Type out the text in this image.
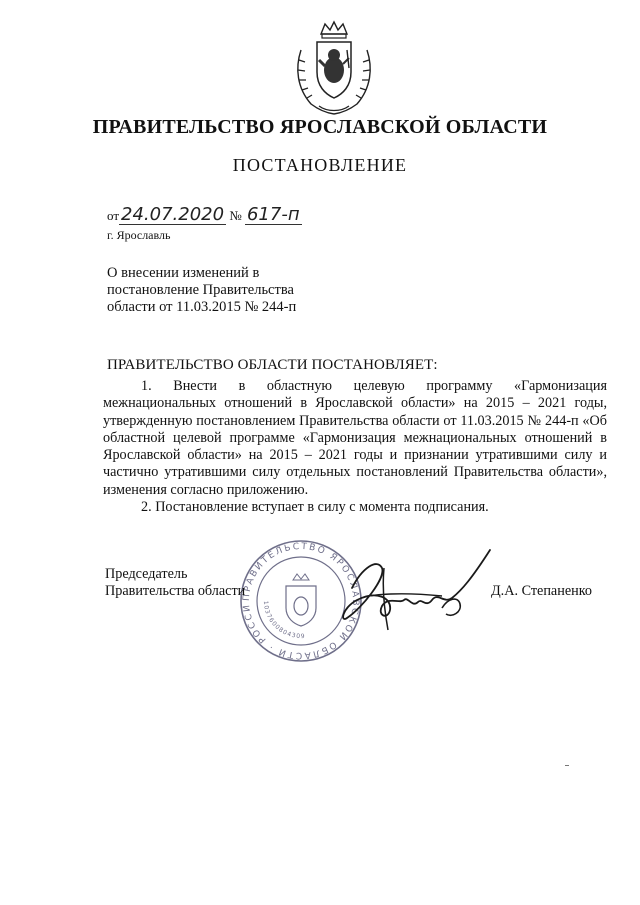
ПРАВИТЕЛЬСТВО ЯРОСЛАВСКОЙ ОБЛАСТИ
ПОСТАНОВЛЕНИЕ
от 24.07.2020 № 617-п
г. Ярославль
О внесении изменений в
постановление Правительства
области от 11.03.2015 № 244-п
ПРАВИТЕЛЬСТВО ОБЛАСТИ ПОСТАНОВЛЯЕТ:

1. Внести в областную целевую программу «Гармонизация межнациональных отношений в Ярославской области» на 2015 – 2021 годы, утвержденную постановлением Правительства области от 11.03.2015 № 244-п «Об областной целевой программе «Гармонизация межнациональных отношений в Ярославской области» на 2015 – 2021 годы и признании утратившими силу и частично утратившими силу отдельных постановлений Правительства области», изменения согласно приложению.

2. Постановление вступает в силу с момента подписания.

ПРАВИТЕЛЬСТВО ЯРОСЛАВСКОЙ ОБЛАСТИ · РОССИ	1037600804309
Председатель
Правительства области	Д.А. Степаненко
